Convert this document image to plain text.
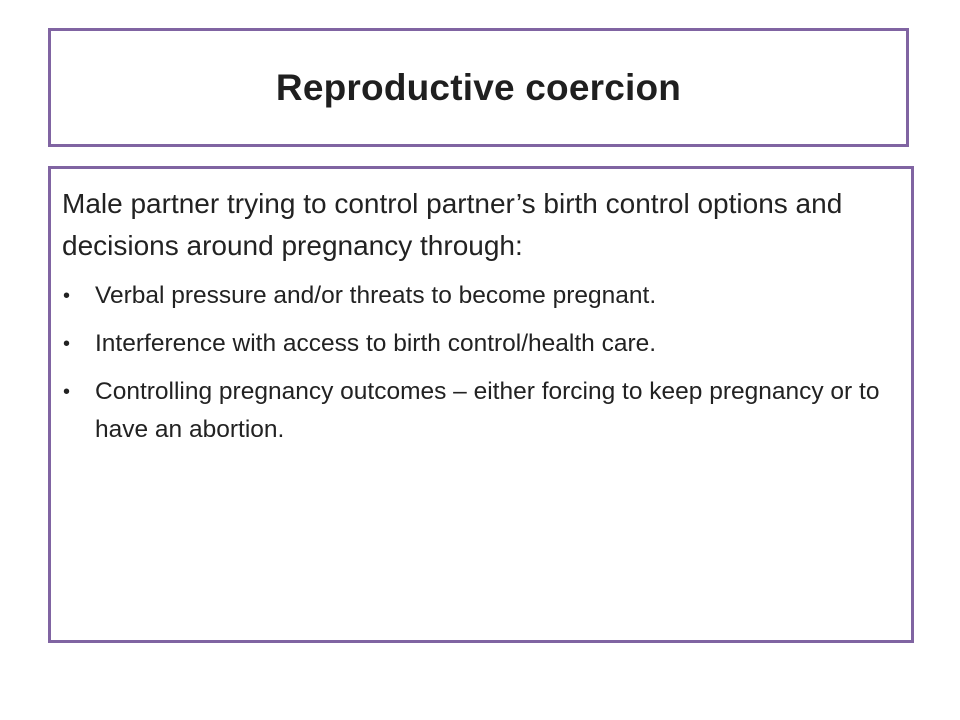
Reproductive coercion

Male partner trying to control partner’s birth control options and decisions around pregnancy through:

•	Verbal pressure and/or threats to become pregnant.
•	Interference with access to birth control/health care.
•	Controlling pregnancy outcomes – either forcing to keep pregnancy or to have an abortion.
